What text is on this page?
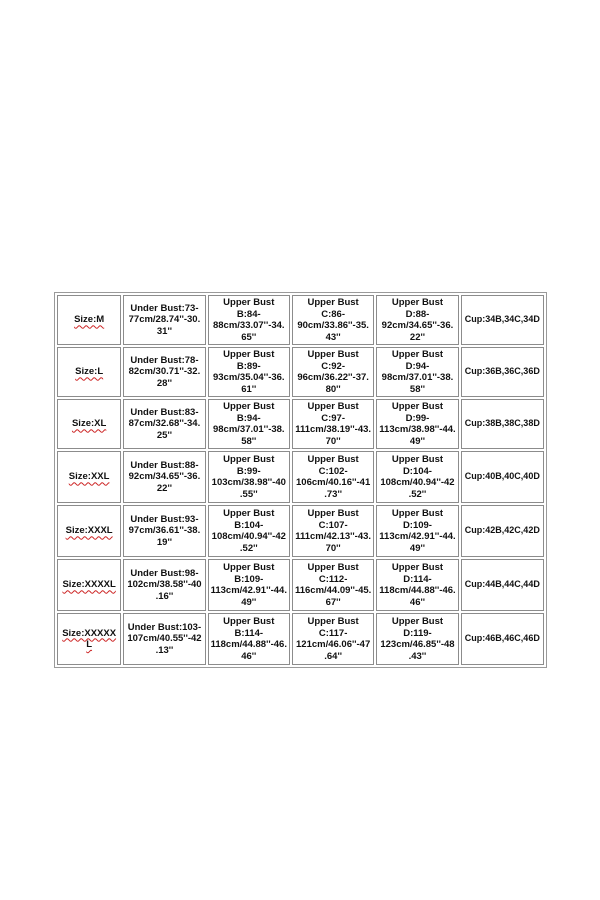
Size:M	Under Bust:73-77cm/28.74''-30.31''	Upper Bust B:84-88cm/33.07''-34.65''	Upper Bust C:86-90cm/33.86''-35.43''	Upper Bust D:88-92cm/34.65''-36.22''	Cup:34B,34C,34D
Size:L	Under Bust:78-82cm/30.71''-32.28''	Upper Bust B:89-93cm/35.04''-36.61''	Upper Bust C:92-96cm/36.22''-37.80''	Upper Bust D:94-98cm/37.01''-38.58''	Cup:36B,36C,36D
Size:XL	Under Bust:83-87cm/32.68''-34.25''	Upper Bust B:94-98cm/37.01''-38.58''	Upper Bust C:97-111cm/38.19''-43.70''	Upper Bust D:99-113cm/38.98''-44.49''	Cup:38B,38C,38D
Size:XXL	Under Bust:88-92cm/34.65''-36.22''	Upper Bust B:99-103cm/38.98''-40.55''	Upper Bust C:102-106cm/40.16''-41.73''	Upper Bust D:104-108cm/40.94''-42.52''	Cup:40B,40C,40D
Size:XXXL	Under Bust:93-97cm/36.61''-38.19''	Upper Bust B:104-108cm/40.94''-42.52''	Upper Bust C:107-111cm/42.13''-43.70''	Upper Bust D:109-113cm/42.91''-44.49''	Cup:42B,42C,42D
Size:XXXXL	Under Bust:98-102cm/38.58''-40.16''	Upper Bust B:109-113cm/42.91''-44.49''	Upper Bust C:112-116cm/44.09''-45.67''	Upper Bust D:114-118cm/44.88''-46.46''	Cup:44B,44C,44D
Size:XXXXXL	Under Bust:103-107cm/40.55''-42.13''	Upper Bust B:114-118cm/44.88''-46.46''	Upper Bust C:117-121cm/46.06''-47.64''	Upper Bust D:119-123cm/46.85''-48.43''	Cup:46B,46C,46D
